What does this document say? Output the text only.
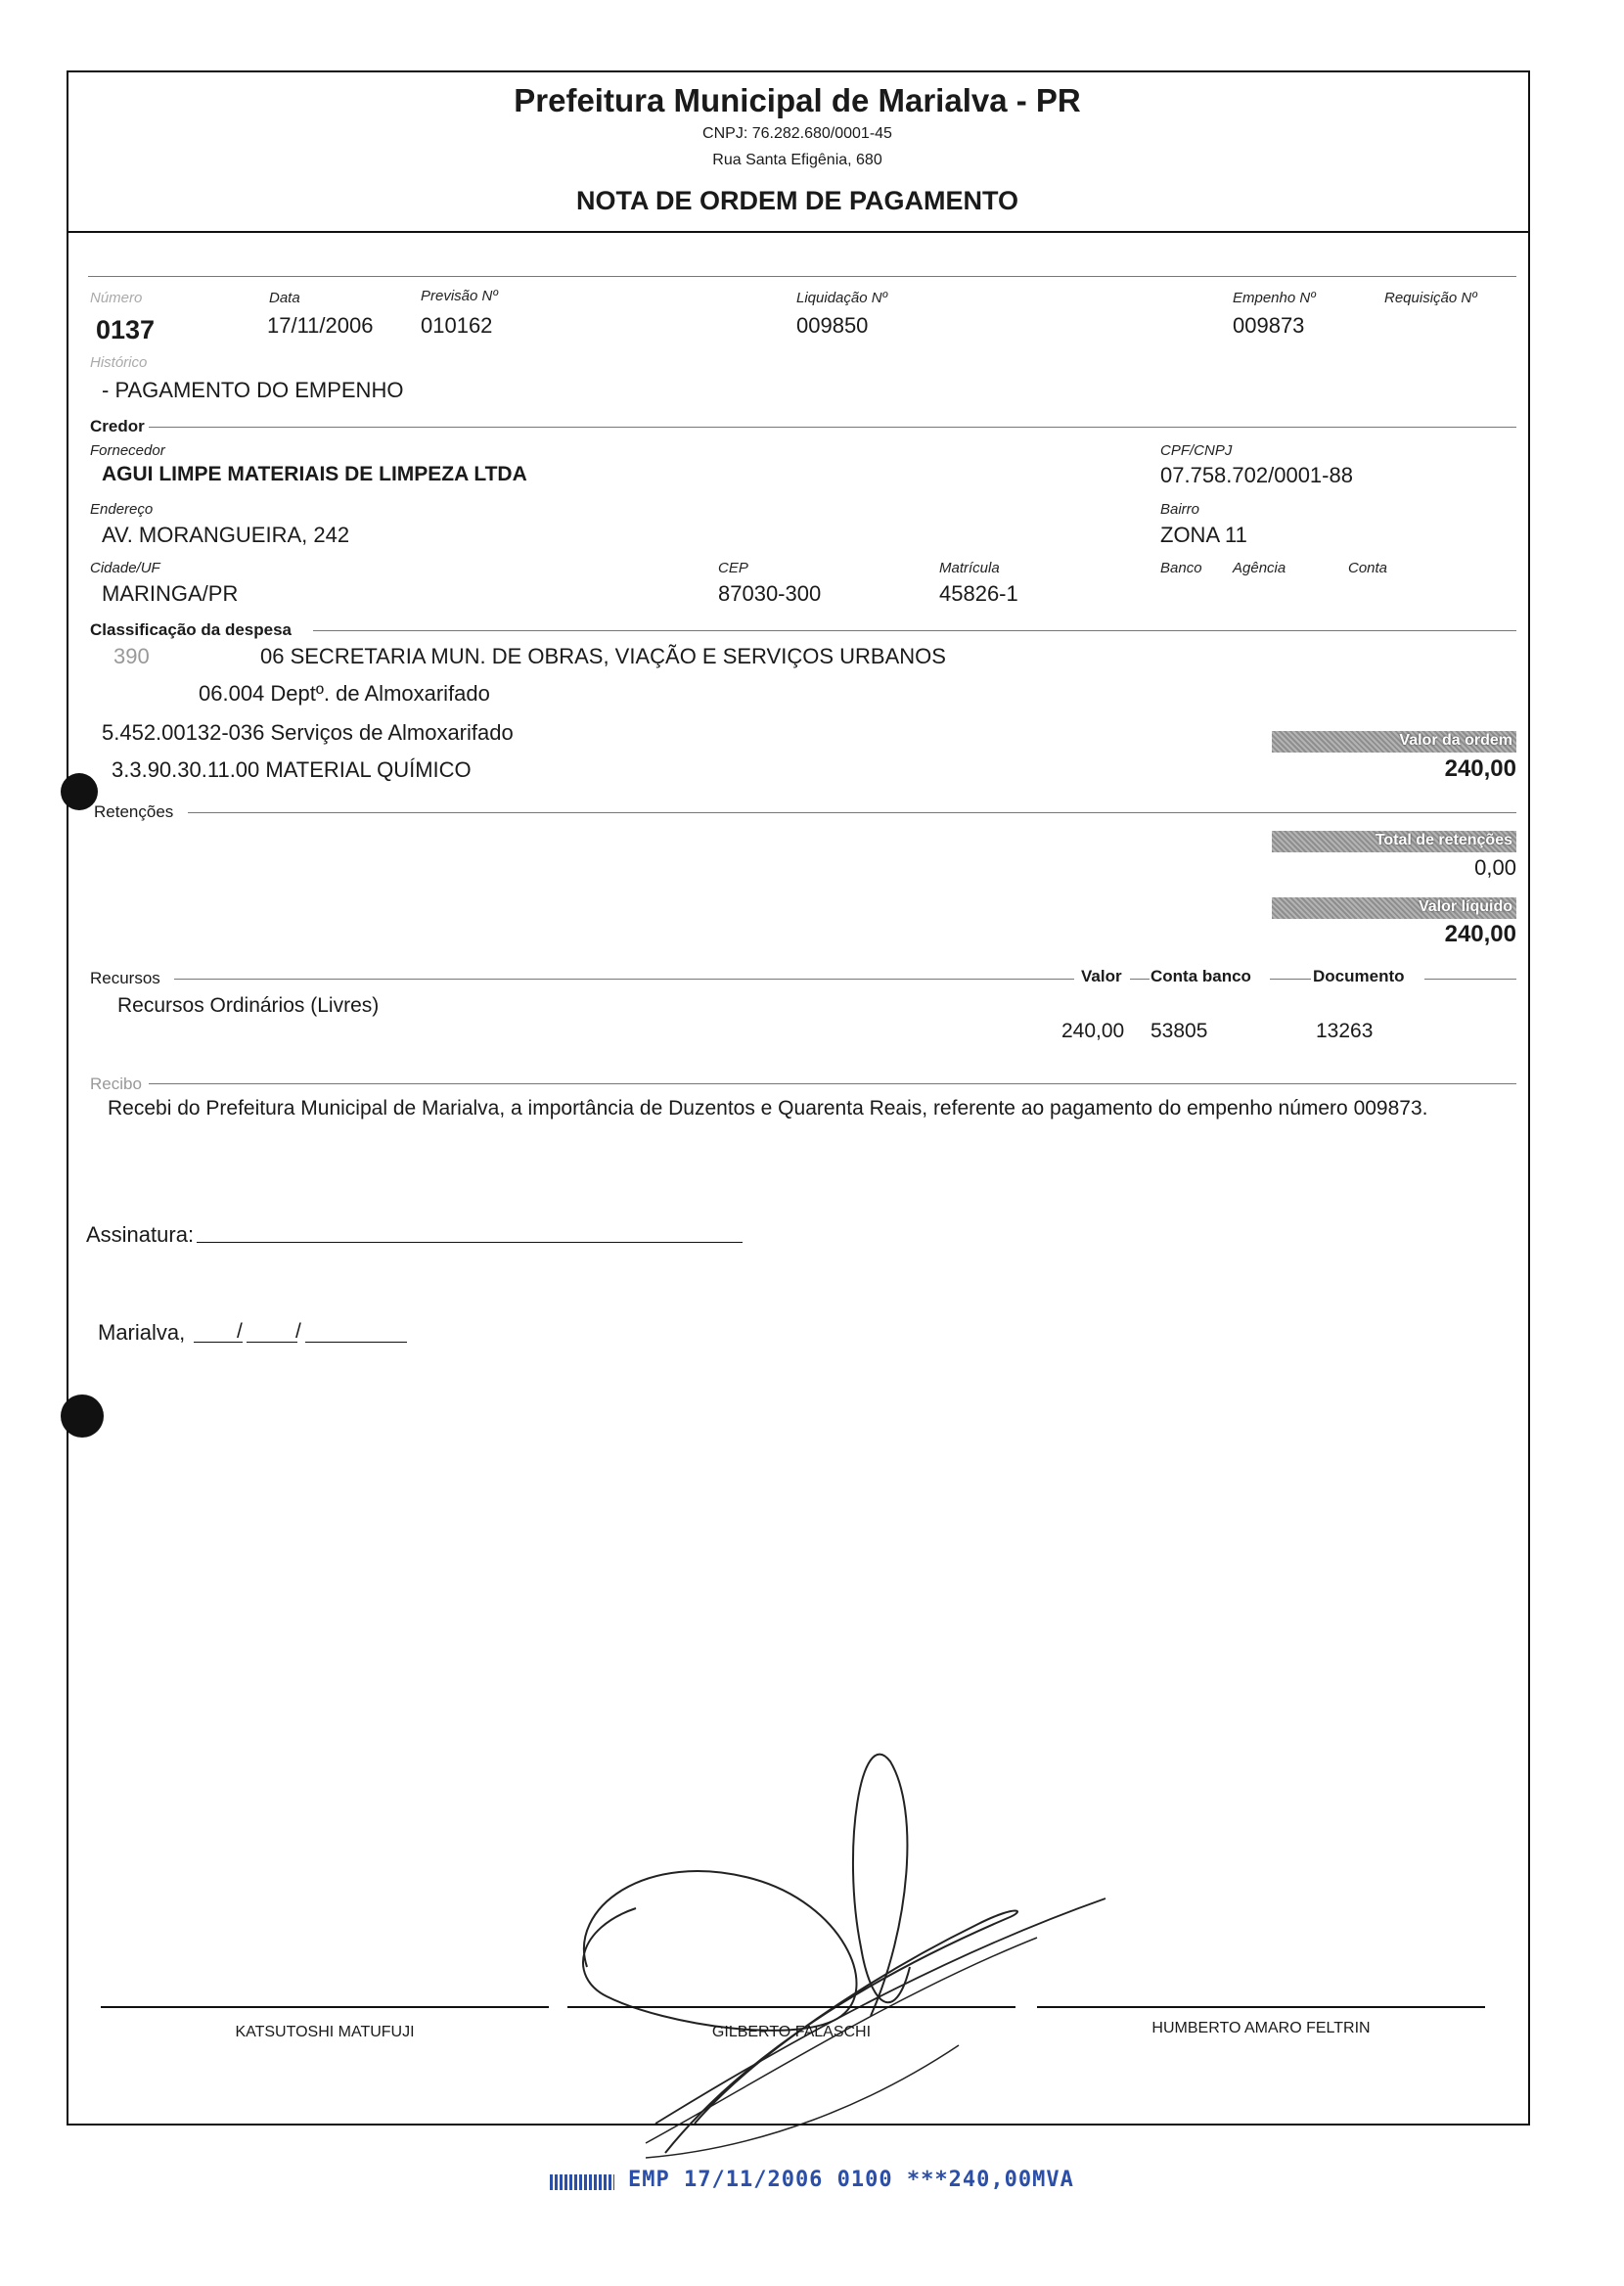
Prefeitura Municipal de Marialva - PR
CNPJ: 76.282.680/0001-45
Rua Santa Efigênia, 680
NOTA DE ORDEM DE PAGAMENTO
Número
0137
Data
17/11/2006
Previsão Nº
010162
Liquidação Nº
009850
Empenho Nº
009873
Requisição Nº
Histórico
- PAGAMENTO DO EMPENHO
Credor
Fornecedor
AGUI LIMPE MATERIAIS DE LIMPEZA LTDA
CPF/CNPJ
07.758.702/0001-88
Endereço
AV. MORANGUEIRA, 242
Bairro
ZONA 11
Cidade/UF
MARINGA/PR
CEP
87030-300
Matrícula
45826-1
Banco Agência	Conta
Classificação da despesa
390	06 SECRETARIA MUN. DE OBRAS, VIAÇÃO E SERVIÇOS URBANOS
06.004 Deptº. de Almoxarifado
5.452.00132-036 Serviços de Almoxarifado
3.3.90.30.11.00 MATERIAL QUÍMICO
Valor da ordem
240,00
Retenções
Total de retenções
0,00
Valor líquido
240,00
Recursos	Valor Conta banco	Documento
Recursos Ordinários (Livres)
240,00 53805	13263
Recibo
Recebi do Prefeitura Municipal de Marialva, a importância de Duzentos e Quarenta Reais, referente ao pagamento do empenho número 009873.
Assinatura:
Marialva,	/	/
KATSUTOSHI MATUFUJI	GILBERTO FALASCHI	HUMBERTO AMARO FELTRIN
EMP 17/11/2006 0100 ***240,00MVA
